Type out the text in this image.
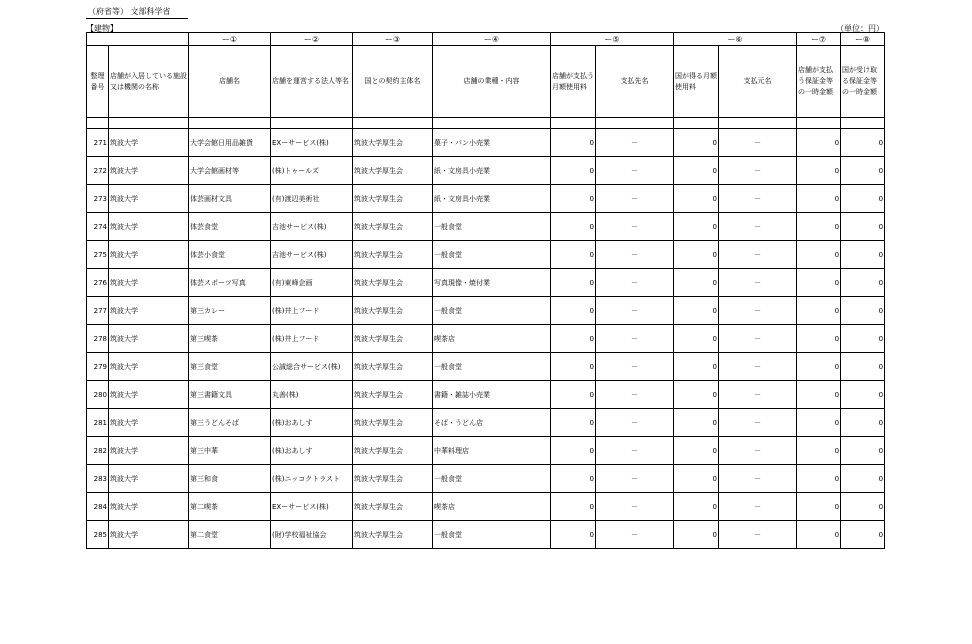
（府省等） 文部科学省
【建物】	（単位：円）
		ー①	ー②	ー③	ー④	ー⑤		ー⑥		ー⑦	ー⑧
整理番号	店舗が入居している施設又は機関の名称	店舗名	店舗を運営する法人等名	国との契約主体名	店舗の業種・内容	店舗が支払う月額使用料	支払先名	国が得る月額使用料	支払元名	店舗が支払う保証金等の一時金額	国が受け取る保証金等の一時金額

271	筑波大学	大学会館日用品雑貨	EXーサービス(株)	筑波大学厚生会	菓子・パン小売業	0	－	0	－	0	0
272	筑波大学	大学会館画材等	(株)トゥールズ	筑波大学厚生会	紙・文房具小売業	0	－	0	－	0	0
273	筑波大学	体芸画材文具	(有)渡辺美術社	筑波大学厚生会	紙・文房具小売業	0	－	0	－	0	0
274	筑波大学	体芸食堂	吉池サービス(株)	筑波大学厚生会	一般食堂	0	－	0	－	0	0
275	筑波大学	体芸小食堂	吉池サービス(株)	筑波大学厚生会	一般食堂	0	－	0	－	0	0
276	筑波大学	体芸スポーツ写真	(有)東峰企画	筑波大学厚生会	写真現像・焼付業	0	－	0	－	0	0
277	筑波大学	第三カレー	(株)井上フード	筑波大学厚生会	一般食堂	0	－	0	－	0	0
278	筑波大学	第三喫茶	(株)井上フード	筑波大学厚生会	喫茶店	0	－	0	－	0	0
279	筑波大学	第三食堂	公誠総合サービス(株)	筑波大学厚生会	一般食堂	0	－	0	－	0	0
280	筑波大学	第三書籍文具	丸善(株)	筑波大学厚生会	書籍・雑誌小売業	0	－	0	－	0	0
281	筑波大学	第三うどんそば	(株)おあしす	筑波大学厚生会	そば・うどん店	0	－	0	－	0	0
282	筑波大学	第三中華	(株)おあしす	筑波大学厚生会	中華料理店	0	－	0	－	0	0
283	筑波大学	第三和食	(株)ニッコクトラスト	筑波大学厚生会	一般食堂	0	－	0	－	0	0
284	筑波大学	第二喫茶	EXーサービス(株)	筑波大学厚生会	喫茶店	0	－	0	－	0	0
285	筑波大学	第二食堂	(財)学校福祉協会	筑波大学厚生会	一般食堂	0	－	0	－	0	0
